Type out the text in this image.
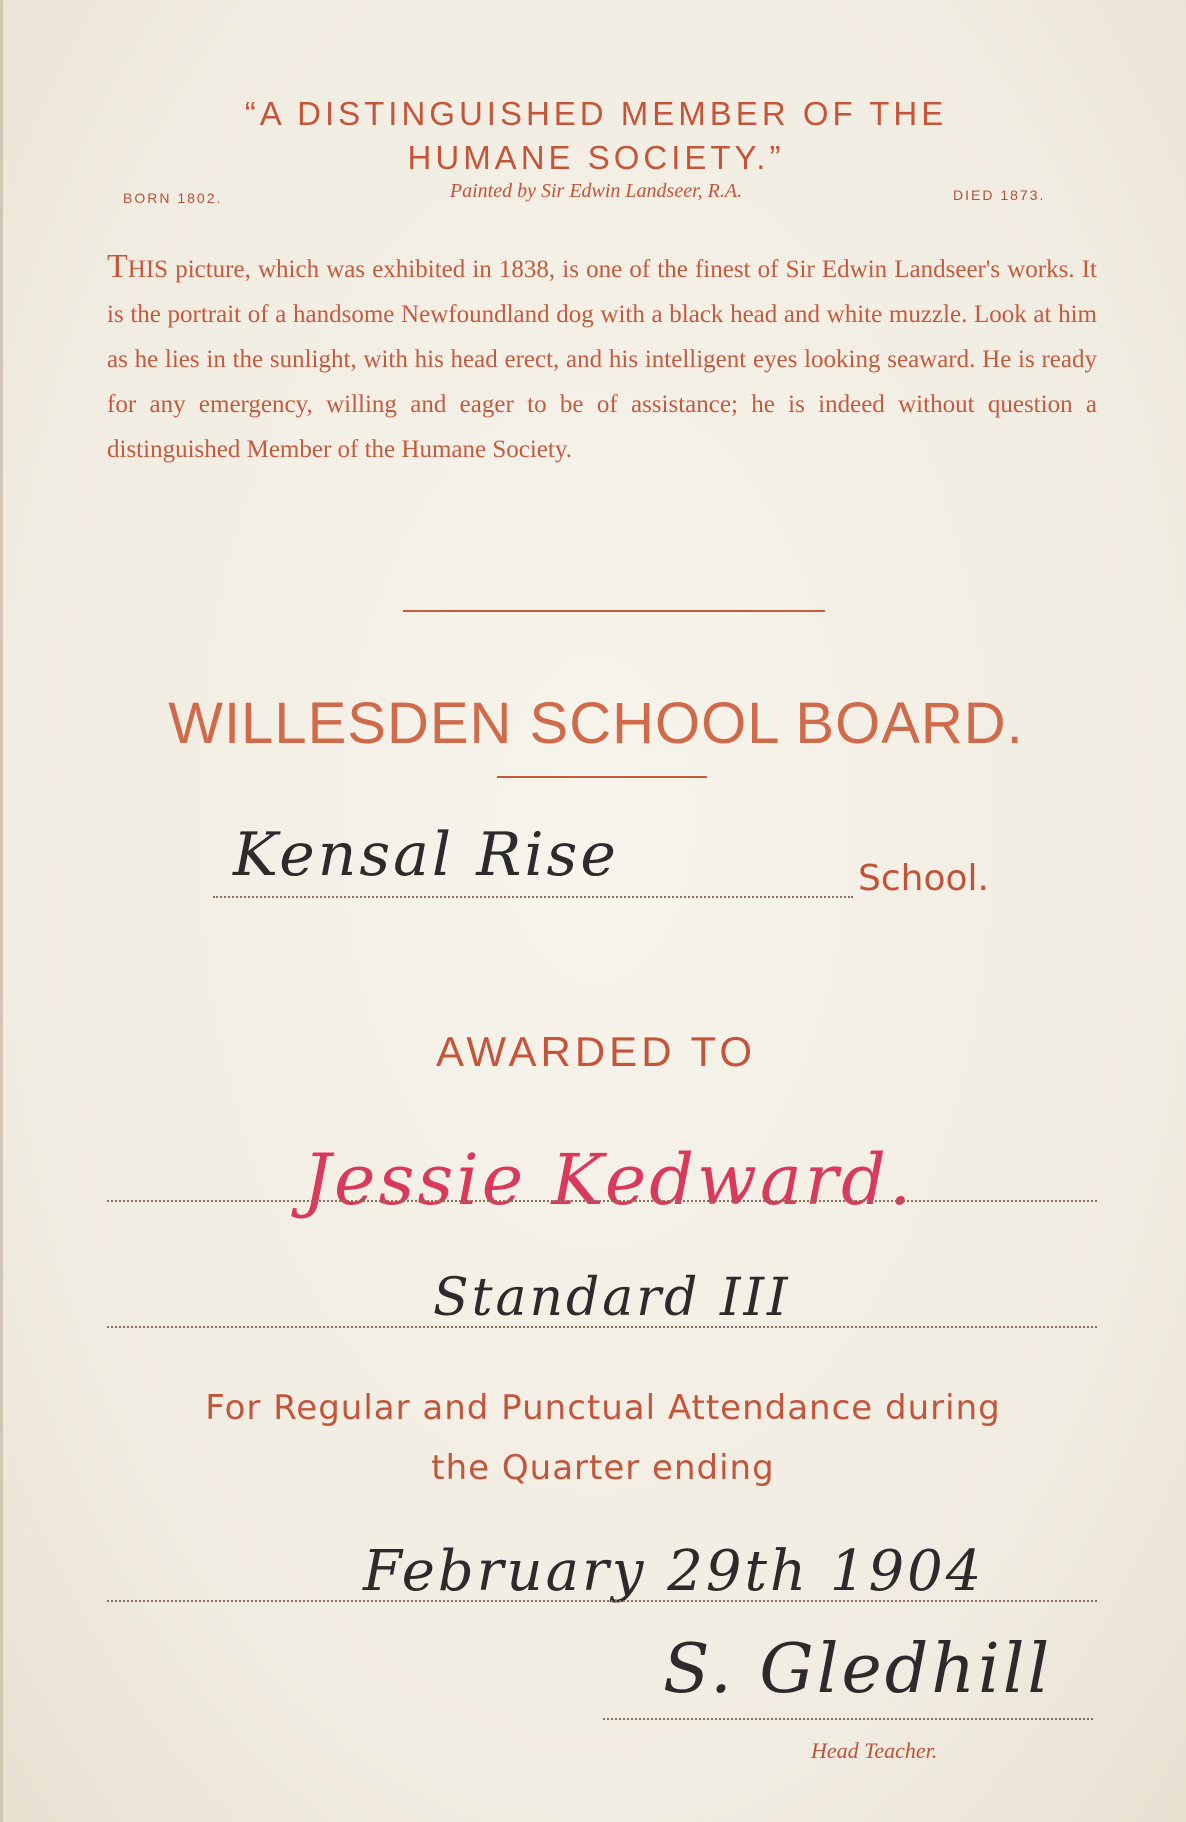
“A DISTINGUISHED MEMBER OF THE
HUMANE SOCIETY.”
BORN 1802.	Painted by Sir Edwin Landseer, R.A.	DIED 1873.
THIS picture, which was exhibited in 1838, is one of the finest of Sir Edwin Landseer's works. It is the portrait of a handsome Newfoundland dog with a black head and white muzzle. Look at him as he lies in the sunlight, with his head erect, and his intelligent eyes looking seaward. He is ready for any emergency, willing and eager to be of assistance; he is indeed without question a distinguished Member of the Humane Society.
WILLESDEN SCHOOL BOARD.
Kensal Rise	School.
AWARDED TO
Jessie Kedward.
Standard III
For Regular and Punctual Attendance during
the Quarter ending
February 29th 1904
S. Gledhill
Head Teacher.
